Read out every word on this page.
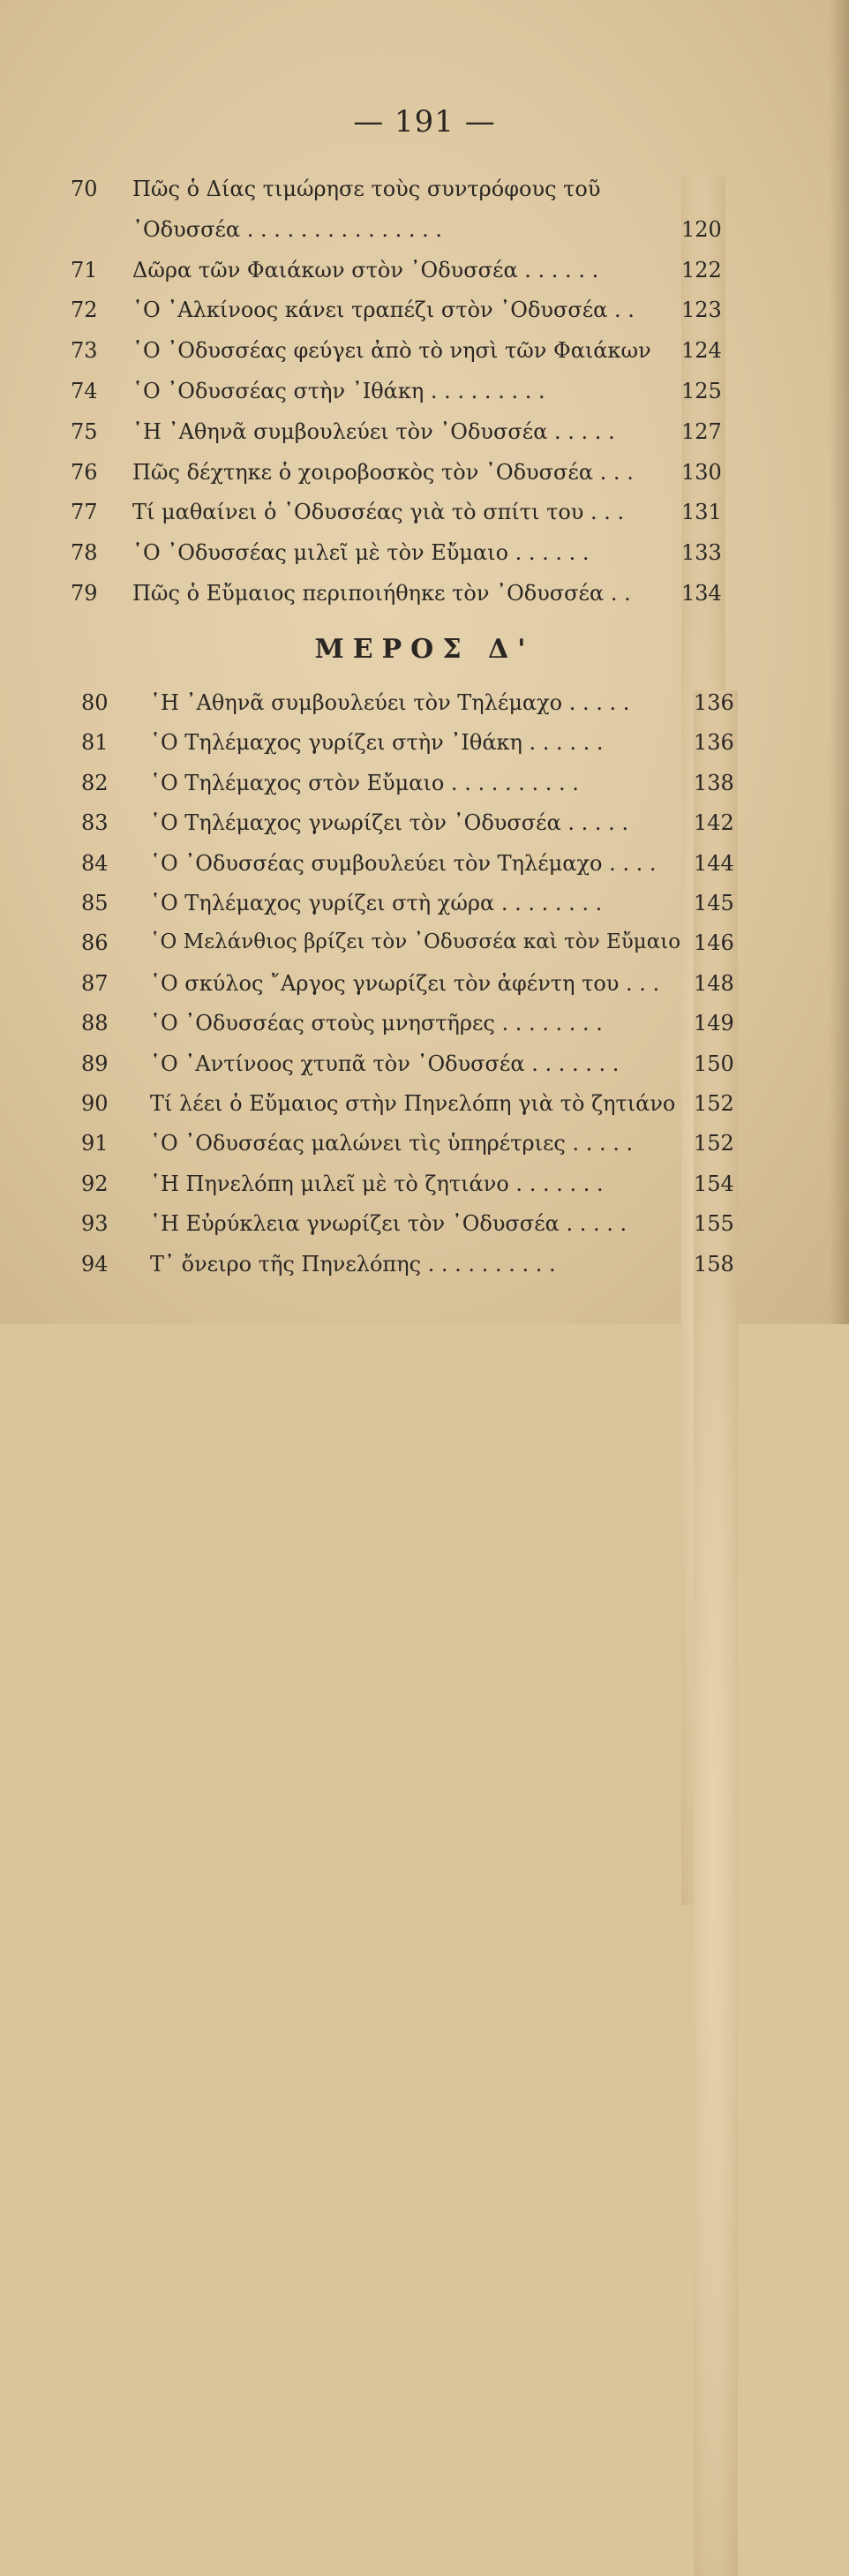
— 191 —
70	Πῶς ὁ Δίας τιμώρησε τοὺς συντρόφους τοῦ
᾿Οδυσσέα . . . . . . . . . . . . . . .	120
71	Δῶρα τῶν Φαιάκων στὸν ᾿Οδυσσέα . . . . . .	122
72	῾Ο ᾿Αλκίνοος κάνει τραπέζι στὸν ᾿Οδυσσέα . . 123
73	῾Ο ᾿Οδυσσέας φεύγει ἀπὸ τὸ νησὶ τῶν Φαιάκων 124
74	῾Ο ᾿Οδυσσέας στὴν ᾿Ιθάκη . . . . . . . . .	125
75	῾Η ᾿Αθηνᾶ συμβουλεύει τὸν ᾿Οδυσσέα . . . . .	127
76	Πῶς δέχτηκε ὁ χοιροβοσκὸς τὸν ᾿Οδυσσέα . . . 130
77	Τί μαθαίνει ὁ ᾿Οδυσσέας γιὰ τὸ σπίτι του . . .	131
78	῾Ο ᾿Οδυσσέας μιλεῖ μὲ τὸν Εὔμαιο . . . . . .	133
79	Πῶς ὁ Εὔμαιος περιποιήθηκε τὸν ᾿Οδυσσέα . . 134
ΜΕΡΟΣ Δ'
80	῾Η ᾿Αθηνᾶ συμβουλεύει τὸν Τηλέμαχο . . . . .	136
81	῾Ο Τηλέμαχος γυρίζει στὴν ᾿Ιθάκη . . . . . .	136
82	῾Ο Τηλέμαχος στὸν Εὔμαιο . . . . . . . . . .	138
83	῾Ο Τηλέμαχος γνωρίζει τὸν ᾿Οδυσσέα . . . . .	142
84	῾Ο ᾿Οδυσσέας συμβουλεύει τὸν Τηλέμαχο . . . . 144
85	῾Ο Τηλέμαχος γυρίζει στὴ χώρα . . . . . . . .	145
86	῾Ο Μελάνθιος βρίζει τὸν ᾿Οδυσσέα καὶ τὸν Εὔμαιο 146
87	῾Ο σκύλος ῎Αργος γνωρίζει τὸν ἀφέντη του . . . 148
88	῾Ο ᾿Οδυσσέας στοὺς μνηστῆρες . . . . . . . .	149
89	῾Ο ᾿Αντίνοος χτυπᾶ τὸν ᾿Οδυσσέα . . . . . . .	150
90	Τί λέει ὁ Εὔμαιος στὴν Πηνελόπη γιὰ τὸ ζητιάνο 152
91	῾Ο ᾿Οδυσσέας μαλώνει τὶς ὑπηρέτριες . . . . .	152
92	῾Η Πηνελόπη μιλεῖ μὲ τὸ ζητιάνο . . . . . . .	154
93	῾Η Εὐρύκλεια γνωρίζει τὸν ᾿Οδυσσέα . . . . .	155
94	Τ᾿ ὄνειρο τῆς Πηνελόπης . . . . . . . . . .	158
